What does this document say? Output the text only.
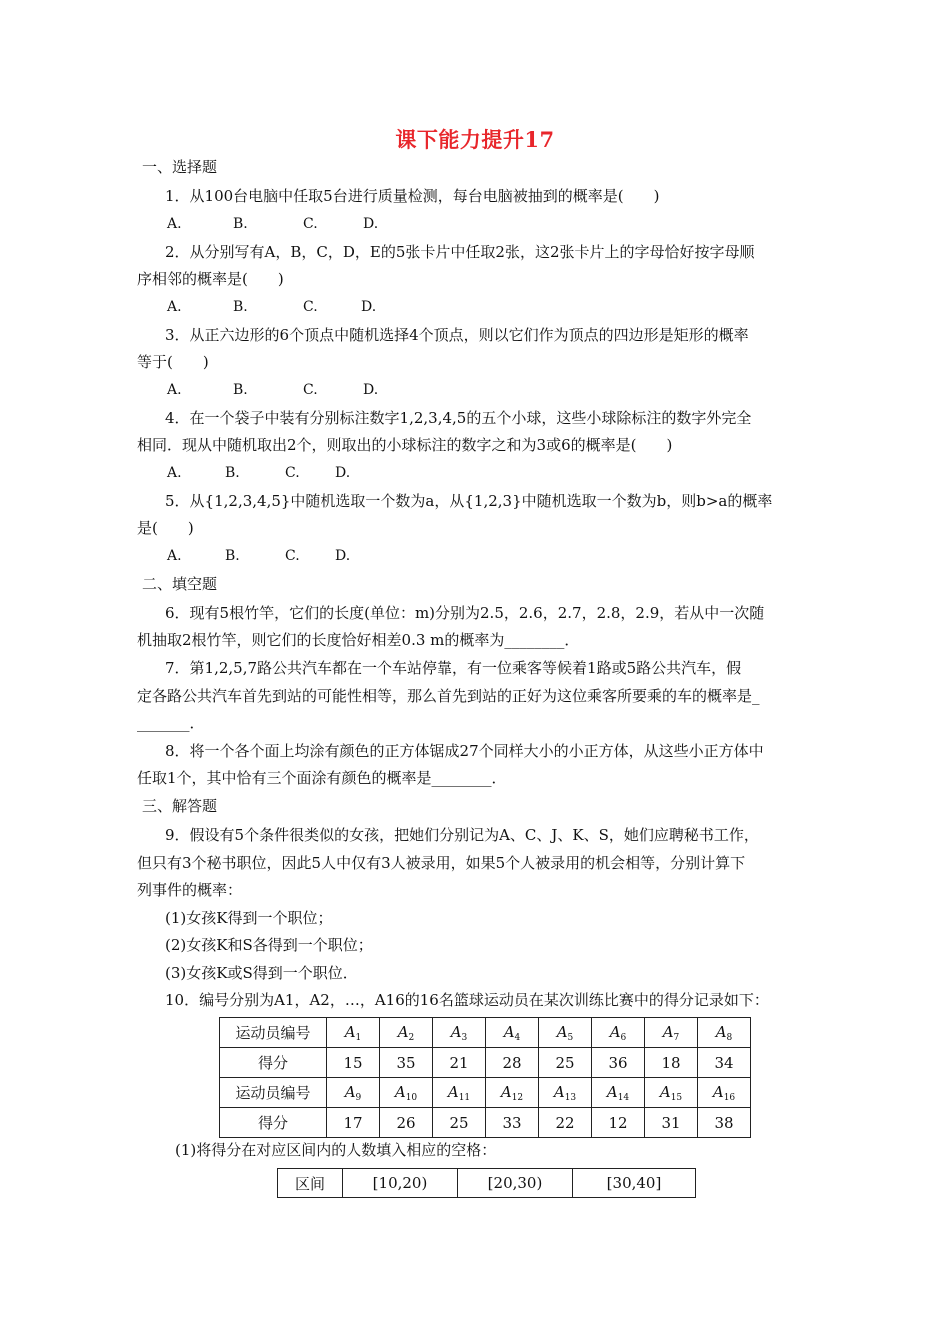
课下能力提升17
一、选择题
1．从100台电脑中任取5台进行质量检测，每台电脑被抽到的概率是(　　)
A.	B.	C.	D.
2．从分别写有A，B，C，D，E的5张卡片中任取2张，这2张卡片上的字母恰好按字母顺
序相邻的概率是(　　)
A.	B.	C.	D.
3．从正六边形的6个顶点中随机选择4个顶点，则以它们作为顶点的四边形是矩形的概率
等于(　　)
A.	B.	C.	D.
4．在一个袋子中装有分别标注数字1,2,3,4,5的五个小球，这些小球除标注的数字外完全
相同．现从中随机取出2个，则取出的小球标注的数字之和为3或6的概率是(　　)
A.	B.	C.	D.
5．从{1,2,3,4,5}中随机选取一个数为a，从{1,2,3}中随机选取一个数为b，则b>a的概率
是(　　)
A.	B.	C.	D.
二、填空题
6．现有5根竹竿，它们的长度(单位：m)分别为2.5，2.6，2.7，2.8，2.9，若从中一次随
机抽取2根竹竿，则它们的长度恰好相差0.3 m的概率为________．
7．第1,2,5,7路公共汽车都在一个车站停靠，有一位乘客等候着1路或5路公共汽车，假
定各路公共汽车首先到站的可能性相等，那么首先到站的正好为这位乘客所要乘的车的概率是_
_______．
8．将一个各个面上均涂有颜色的正方体锯成27个同样大小的小正方体，从这些小正方体中
任取1个，其中恰有三个面涂有颜色的概率是________．
三、解答题
9．假设有5个条件很类似的女孩，把她们分别记为A、C、J、K、S，她们应聘秘书工作，
但只有3个秘书职位，因此5人中仅有3人被录用，如果5个人被录用的机会相等，分别计算下
列事件的概率：
(1)女孩K得到一个职位；
(2)女孩K和S各得到一个职位；
(3)女孩K或S得到一个职位．
10．编号分别为A1，A2，…，A16的16名篮球运动员在某次训练比赛中的得分记录如下：
运动员编号	$A_1$	$A_2$	$A_3$	$A_4$	$A_5$	$A_6$	$A_7$	$A_8$
得分	15	35	21	28	25	36	18	34
运动员编号	$A_9$	$A_{10}$	$A_{11}$	$A_{12}$	$A_{13}$	$A_{14}$	$A_{15}$	$A_{16}$
得分	17	26	25	33	22	12	31	38
(1)将得分在对应区间内的人数填入相应的空格：
区间	[10,20)	[20,30)	[30,40]
